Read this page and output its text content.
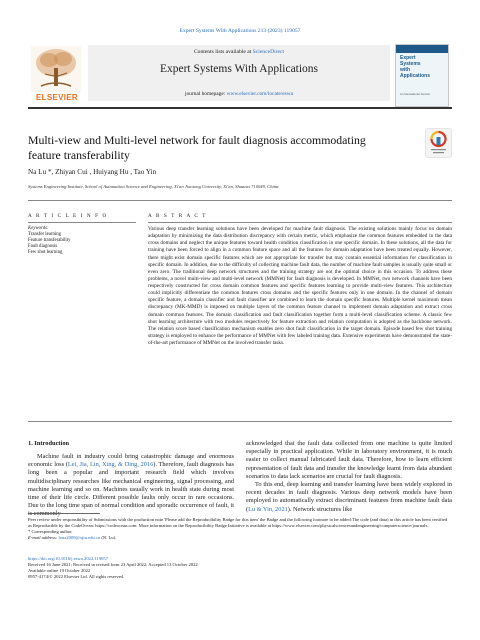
Expert Systems With Applications 213 (2023) 119057
ELSEVIER
Contents lists available at ScienceDirect
Expert Systems With Applications
journal homepage: www.elsevier.com/locate/eswa
Expert
Systems
with
Applications
An International Journal
Multi-view and Multi-level network for fault diagnosis accommodating feature transferability
Na Lu *, Zhiyan Cui , Huiyang Hu , Tao Yin
Systems Engineering Institute, School of Automation Science and Engineering, Xi'an Jiaotong University, Xi'an, Shaanxi 710049, China
A R T I C L E I N F O	A B S T R A C T
Keywords:
Transfer learning
Feature transferability
Fault diagnosis
Few shot learning
Various deep transfer learning solutions have been developed for machine fault diagnosis. The existing solutions mainly focus on domain adaptation by minimizing the data distribution discrepancy with certain metric, which emphasize the common features embedded in the data cross domains and neglect the unique features toward health condition classification in one specific domain. In these solutions, all the data for training have been forced to align in a common feature space and all the features for domain adaptation have been treated equally. However, there might exist domain specific features which are not appropriate for transfer but may contain essential information for classification in specific domain. In addition, due to the difficulty of collecting machine fault data, the number of machine fault samples is usually quite small or even zero. The traditional deep network structures and the training strategy are not the optimal choice in this occasion. To address these problems, a novel multi-view and multi-level network (MMNet) for fault diagnosis is developed. In MMNet, two network channels have been respectively constructed for cross domain common features and specific features learning to provide multi-view features. This architecture could implicitly differentiate the common features cross domains and the specific features only in one domain. In the channel of domain specific feature, a domain classifier and fault classifier are combined to learn the domain specific features. Multiple kernel maximum mean discrepancy (MK-MMD) is imposed on multiple layers of the common feature channel to implement domain adaptation and extract cross domain common features. The domain classification and fault classification together form a multi-level classification scheme. A classic few shot learning architecture with two modules respectively for feature extraction and relation computation is adopted as the backbone network. The relation score based classification mechanism enables zero shot fault classification in the target domain. Episode based few shot training strategy is employed to enhance the performance of MMNet with few labeled training data. Extensive experiments have demonstrated the state-of-the-art performance of MMNet on the involved transfer tasks.
1. Introduction

Machine fault in industry could bring catastrophic damage and enormous economic loss (Lei, Jia, Lin, Xing, & Ding, 2016). Therefore, fault diagnosis has long been a popular and important research field which involves multidisciplinary researches like mechanical engineering, signal processing, and machine learning and so on. Machines usually work in health state during most time of their life circle. Different possible faults only occur in rare occasions. Due to the long time span of normal condition and sporadic occurrence of fault, it is commonly

acknowledged that the fault data collected from one machine is quite limited especially in practical application. While in laboratory environment, it is much easier to collect manual fabricated fault data. Therefore, how to learn efficient representation of fault data and transfer the knowledge learnt from data abundant scenarios to data lack scenarios are crucial for fault diagnosis.

To this end, deep learning and transfer learning have been widely explored in recent decades in fault diagnosis. Various deep network models have been employed to automatically extract discriminant features from machine fault data (Lu & Yin, 2021). Network structures like

Peer review under responsibility of Submissions with the production note 'Please add the Reproducibility Badge for this item' the Badge and the following footnote to be added:The code (and data) in this article has been certified as Reproducible by the CodeOcean: https://codeocean.com. More information on the Reproducibility Badge Initiative is available at https://www.elsevier.com/physicalsciencesandengineering/computerscience/journals..

* Corresponding author.

E-mail address: lvna2009@xjtu.edu.cn (N. Lu).

https://doi.org/10.1016/j.eswa.2022.119057
Received 16 June 2021; Received in revised form 23 April 2022; Accepted 13 October 2022
Available online 19 October 2022
0957-4174/© 2022 Elsevier Ltd. All rights reserved.
